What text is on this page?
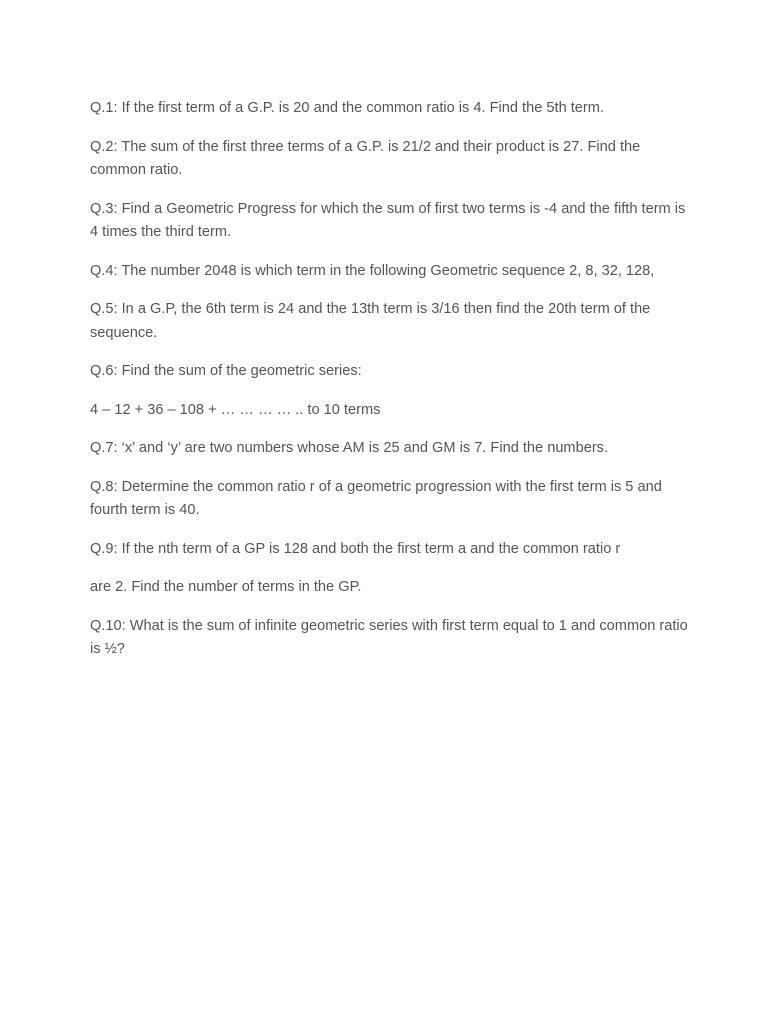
Q.1: If the first term of a G.P. is 20 and the common ratio is 4. Find the 5th term.

Q.2: The sum of the first three terms of a G.P. is 21/2 and their product is 27. Find the common ratio.

Q.3: Find a Geometric Progress for which the sum of first two terms is -4 and the fifth term is 4 times the third term.

Q.4: The number 2048 is which term in the following Geometric sequence 2, 8, 32, 128,

Q.5: In a G.P, the 6th term is 24 and the 13th term is 3/16 then find the 20th term of the sequence.

Q.6: Find the sum of the geometric series:

4 – 12 + 36 – 108 + … … … … .. to 10 terms

Q.7: ‘x’ and ‘y’ are two numbers whose AM is 25 and GM is 7. Find the numbers.

Q.8: Determine the common ratio r of a geometric progression with the first term is 5 and fourth term is 40.

Q.9: If the nth term of a GP is 128 and both the first term a and the common ratio r

are 2. Find the number of terms in the GP.

Q.10: What is the sum of infinite geometric series with first term equal to 1 and common ratio is ½?
